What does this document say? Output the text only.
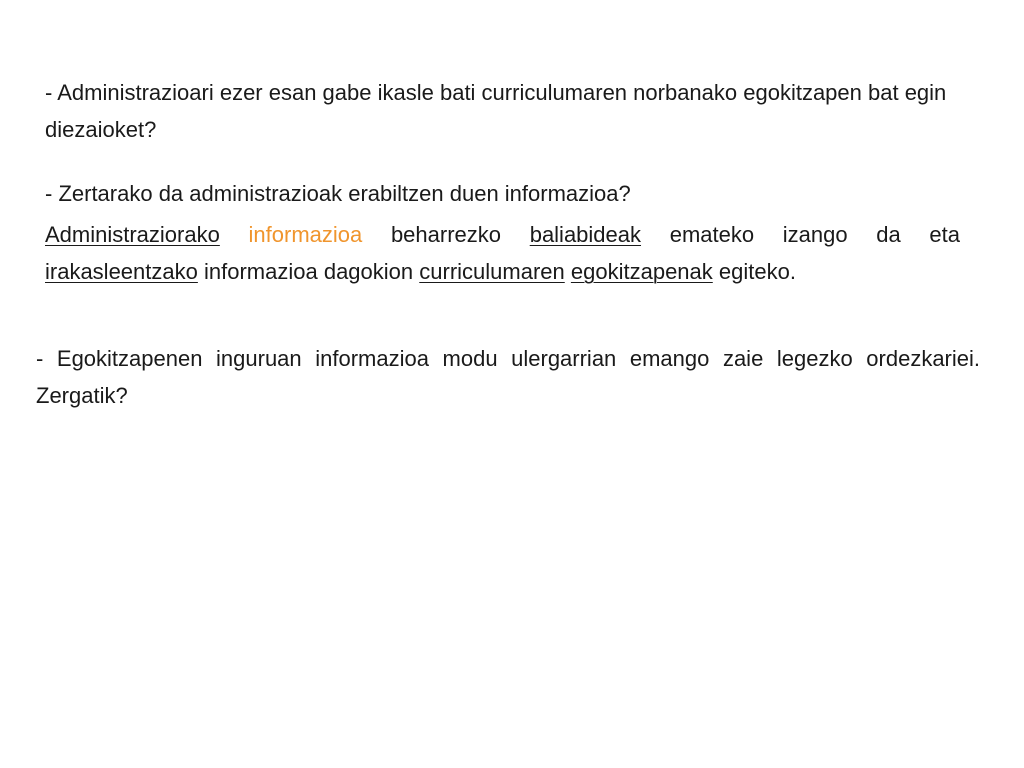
- Administrazioari ezer esan gabe ikasle bati curriculumaren norbanako egokitzapen bat egin diezaioket?
- Zertarako da administrazioak erabiltzen duen informazioa?
Administraziorako informazioa beharrezko baliabideak emateko izango da eta irakasleentzako informazioa dagokion curriculumaren egokitzapenak egiteko.
- Egokitzapenen inguruan informazioa modu ulergarrian emango zaie legezko ordezkariei. Zergatik?
